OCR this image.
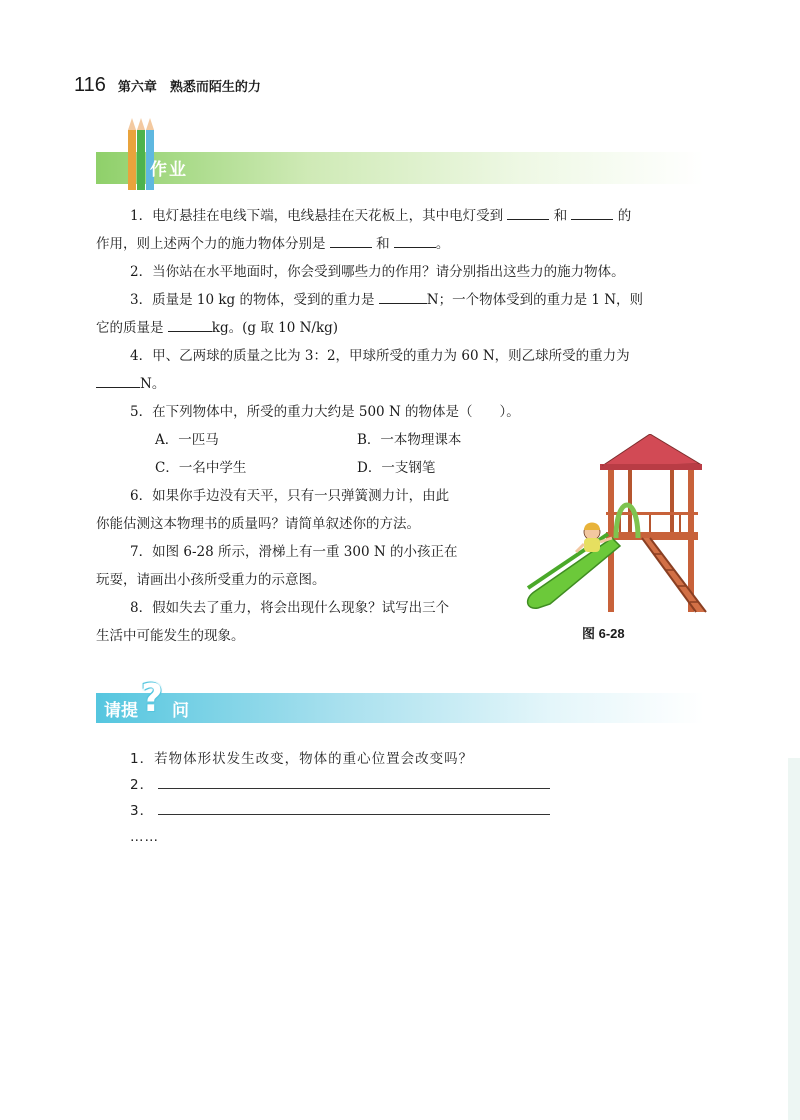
116 第六章　熟悉而陌生的力
作业

1．电灯悬挂在电线下端，电线悬挂在天花板上，其中电灯受到	和	的

作用，则上述两个力的施力物体分别是	和	。

2．当你站在水平地面时，你会受到哪些力的作用？请分别指出这些力的施力物体。

3．质量是 10 kg 的物体，受到的重力是	N；一个物体受到的重力是 1 N，则

它的质量是	kg。(g 取 10 N/kg)

4．甲、乙两球的质量之比为 3：2，甲球所受的重力为 60 N，则乙球所受的重力为

N。

5．在下列物体中，所受的重力大约是 500 N 的物体是（　　）。

A．一匹马	B．一本物理课本

C．一名中学生	D．一支钢笔

6．如果你手边没有天平，只有一只弹簧测力计，由此

你能估测这本物理书的质量吗？请简单叙述你的方法。

7．如图 6-28 所示，滑梯上有一重 300 N 的小孩正在

玩耍，请画出小孩所受重力的示意图。

8．假如失去了重力，将会出现什么现象？试写出三个

生活中可能发生的现象。	图 6-28
请提 ? 问

1．若物体形状发生改变，物体的重心位置会改变吗？

2．

3．

……
